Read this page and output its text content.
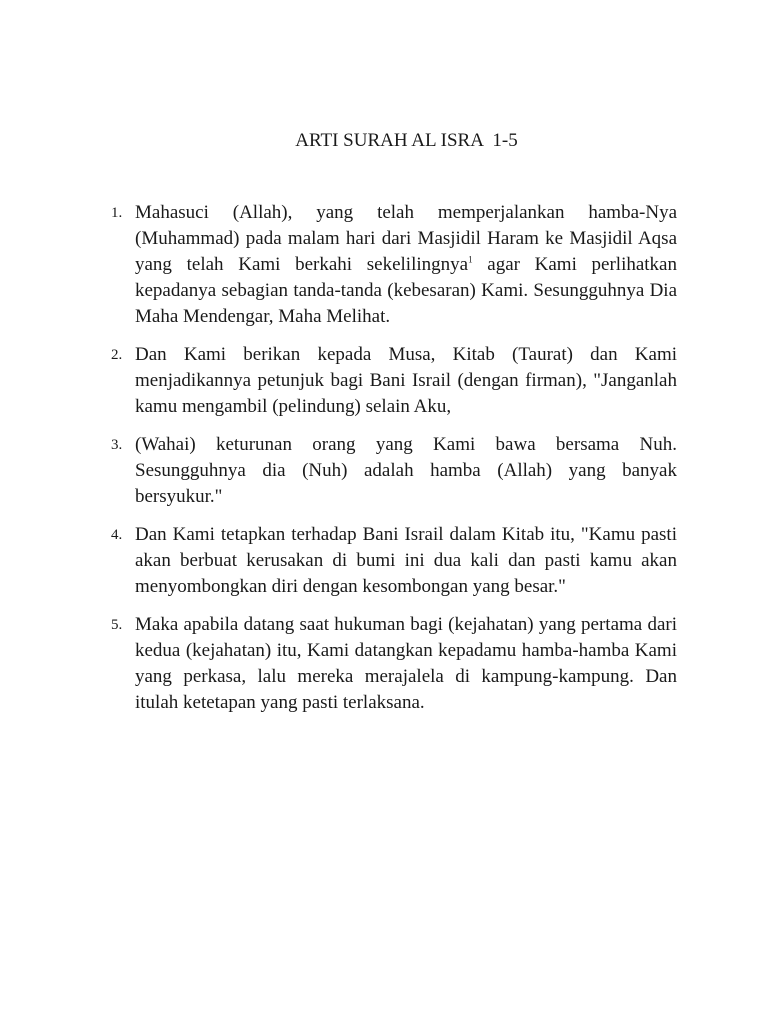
ARTI SURAH AL ISRA  1-5
1. Mahasuci (Allah), yang telah memperjalankan hamba-Nya (Muhammad) pada malam hari dari Masjidil Haram ke Masjidil Aqsa yang telah Kami berkahi sekelilingnya$^1$ agar Kami perlihatkan kepadanya sebagian tanda-tanda (kebesaran) Kami. Sesungguhnya Dia Maha Mendengar, Maha Melihat.
2. Dan Kami berikan kepada Musa, Kitab (Taurat) dan Kami menjadikannya petunjuk bagi Bani Israil (dengan firman), "Janganlah kamu mengambil (pelindung) selain Aku,
3. (Wahai) keturunan orang yang Kami bawa bersama Nuh. Sesungguhnya dia (Nuh) adalah hamba (Allah) yang banyak bersyukur."
4. Dan Kami tetapkan terhadap Bani Israil dalam Kitab itu, "Kamu pasti akan berbuat kerusakan di bumi ini dua kali dan pasti kamu akan menyombongkan diri dengan kesombongan yang besar."
5. Maka apabila datang saat hukuman bagi (kejahatan) yang pertama dari kedua (kejahatan) itu, Kami datangkan kepadamu hamba-hamba Kami yang perkasa, lalu mereka merajalela di kampung-kampung. Dan itulah ketetapan yang pasti terlaksana.
